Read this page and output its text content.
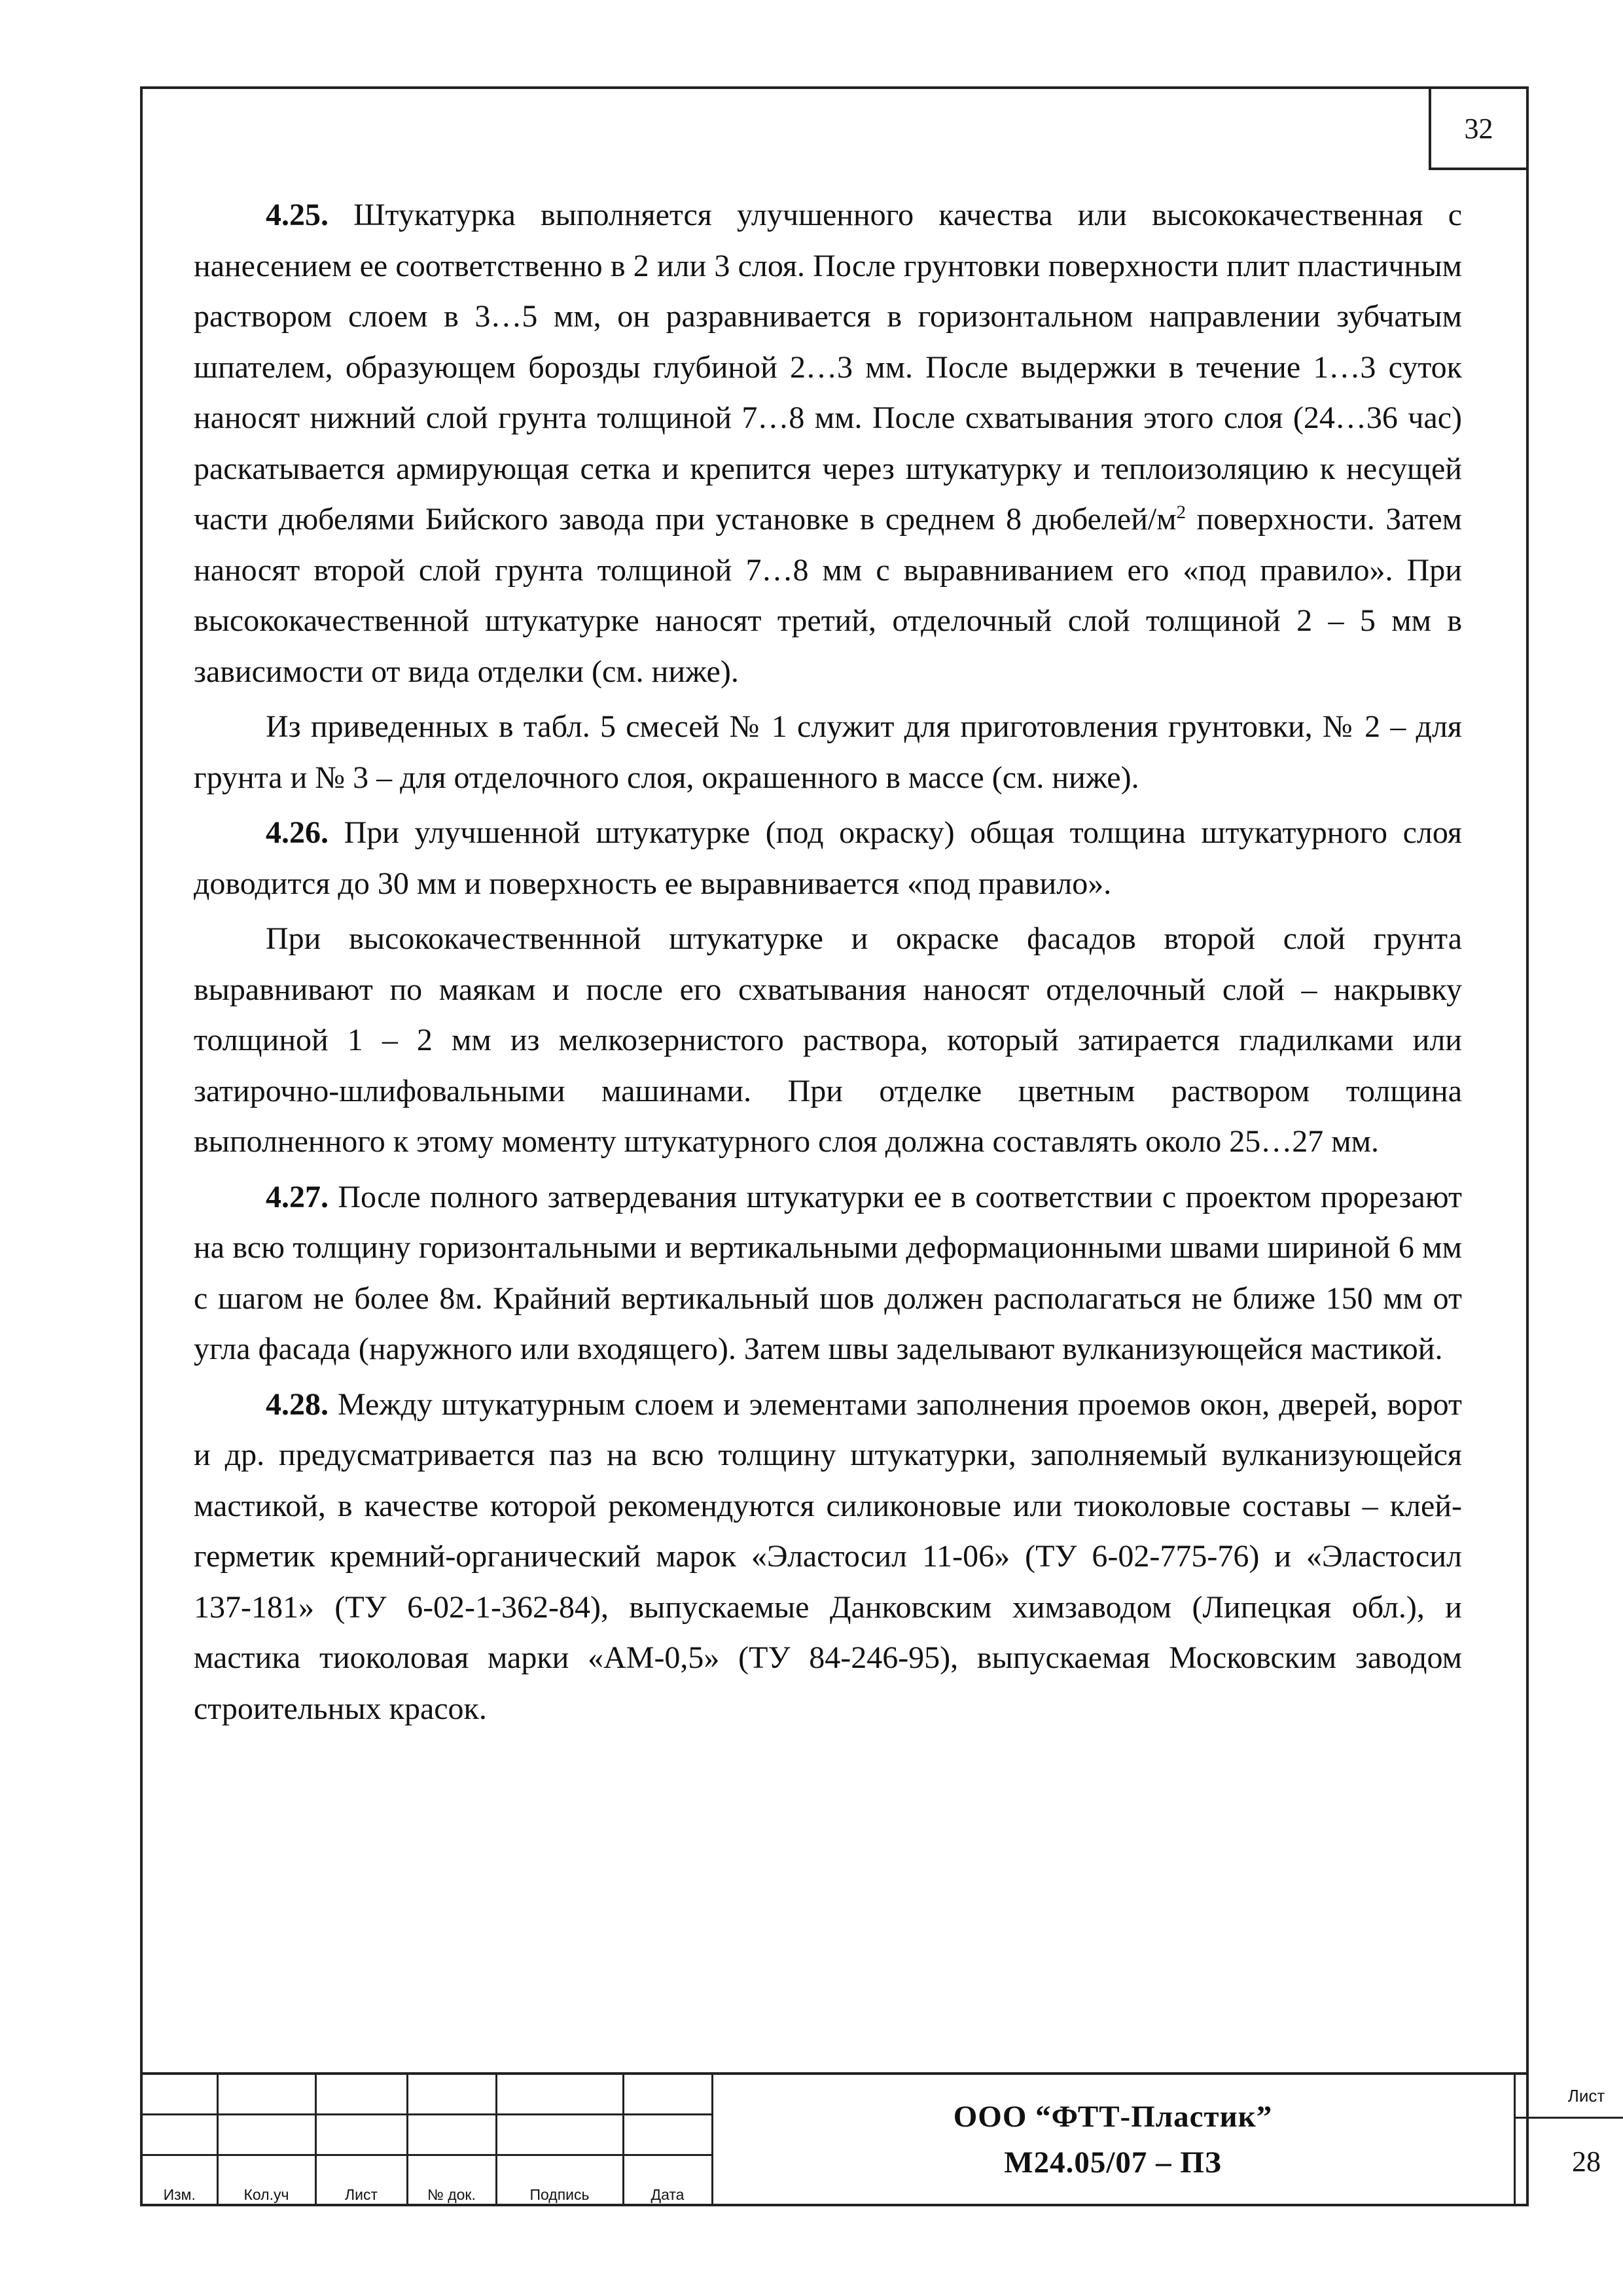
32

4.25. Штукатурка выполняется улучшенного качества или высококачественная с нанесением ее соответственно в 2 или 3 слоя. После грунтовки поверхности плит пластичным раствором слоем в 3…5 мм, он разравнивается в горизонтальном направлении зубчатым шпателем, образующем борозды глубиной 2…3 мм. После выдержки в течение 1…3 суток наносят нижний слой грунта толщиной 7…8 мм. После схватывания этого слоя (24…36 час) раскатывается армирующая сетка и крепится через штукатурку и теплоизоляцию к несущей части дюбелями Бийского завода при установке в среднем 8 дюбелей/$м^2$ поверхности. Затем наносят второй слой грунта толщиной 7…8 мм с выравниванием его «под правило». При высококачественной штукатурке наносят третий, отделочный слой толщиной 2 – 5 мм в зависимости от вида отделки (см. ниже).

Из приведенных в табл. 5 смесей № 1 служит для приготовления грунтовки, № 2 – для грунта и № 3 – для отделочного слоя, окрашенного в массе (см. ниже).

4.26. При улучшенной штукатурке (под окраску) общая толщина штукатурного слоя доводится до 30 мм и поверхность ее выравнивается «под правило».

При высококачественнной штукатурке и окраске фасадов второй слой грунта выравнивают по маякам и после его схватывания наносят отделочный слой – накрывку толщиной 1 – 2 мм из мелкозернистого раствора, который затирается гладилками или затирочно-шлифовальными машинами. При отделке цветным раствором толщина выполненного к этому моменту штукатурного слоя должна составлять около 25…27 мм.

4.27. После полного затвердевания штукатурки ее в соответствии с проектом прорезают на всю толщину горизонтальными и вертикальными деформационными швами шириной 6 мм с шагом не более 8м. Крайний вертикальный шов должен располагаться не ближе 150 мм от угла фасада (наружного или входящего). Затем швы заделывают вулканизующейся мастикой.

4.28. Между штукатурным слоем и элементами заполнения проемов окон, дверей, ворот и др. предусматривается паз на всю толщину штукатурки, заполняемый вулканизующейся мастикой, в качестве которой рекомендуются силиконовые или тиоколовые составы – клей-герметик кремний-органический марок «Эластосил 11-06» (ТУ 6-02-775-76) и «Эластосил 137-181» (ТУ 6-02-1-362-84), выпускаемые Данковским химзаводом (Липецкая обл.), и мастика тиоколовая марки «АМ-0,5» (ТУ 84-246-95), выпускаемая Московским заводом строительных красок.

Изм.	Кол.уч	Лист	№ док.	Подпись	Дата
ООО “ФТТ-Пластик”
М24.05/07 – ПЗ
Лист
28
